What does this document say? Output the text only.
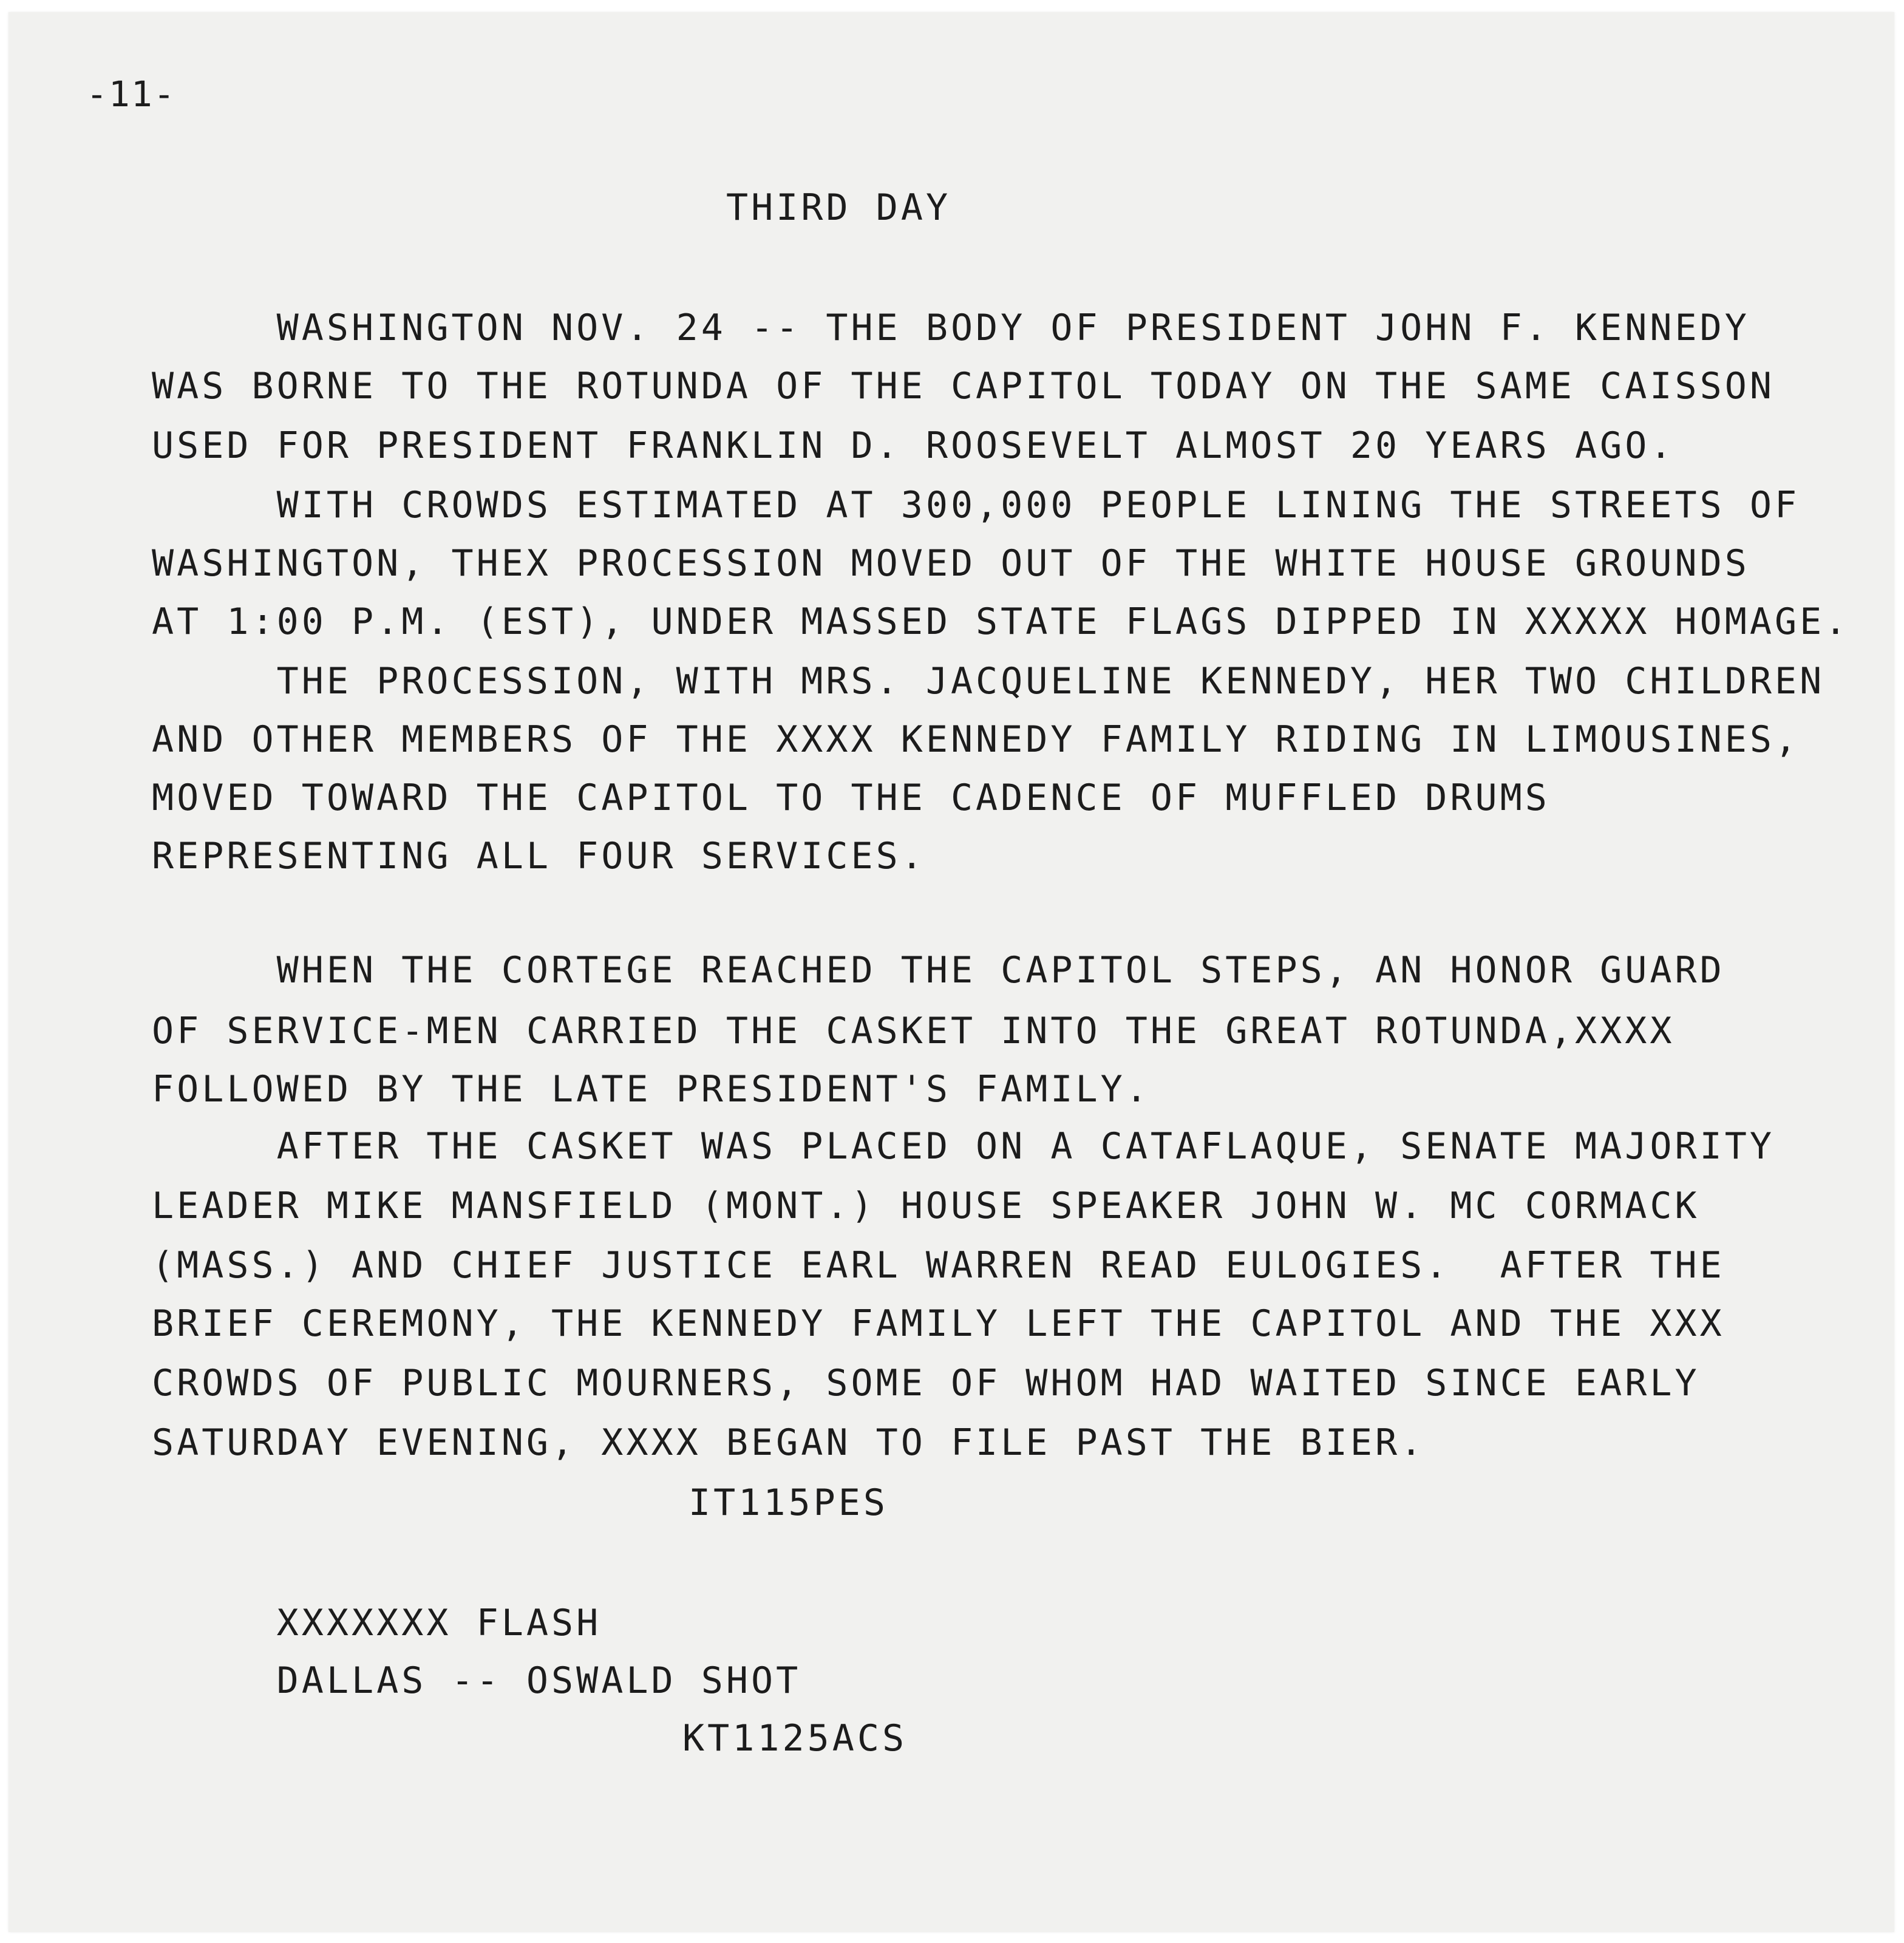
-11-

THIRD DAY

WASHINGTON NOV. 24 -- THE BODY OF PRESIDENT JOHN F. KENNEDY

WAS BORNE TO THE ROTUNDA OF THE CAPITOL TODAY ON THE SAME CAISSON

USED FOR PRESIDENT FRANKLIN D. ROOSEVELT ALMOST 20 YEARS AGO.

WITH CROWDS ESTIMATED AT 300,000 PEOPLE LINING THE STREETS OF

WASHINGTON, THEX PROCESSION MOVED OUT OF THE WHITE HOUSE GROUNDS

AT 1:00 P.M. (EST), UNDER MASSED STATE FLAGS DIPPED IN XXXXX HOMAGE.

THE PROCESSION, WITH MRS. JACQUELINE KENNEDY, HER TWO CHILDREN

AND OTHER MEMBERS OF THE XXXX KENNEDY FAMILY RIDING IN LIMOUSINES,

MOVED TOWARD THE CAPITOL TO THE CADENCE OF MUFFLED DRUMS

REPRESENTING ALL FOUR SERVICES.

WHEN THE CORTEGE REACHED THE CAPITOL STEPS, AN HONOR GUARD

OF SERVICE-MEN CARRIED THE CASKET INTO THE GREAT ROTUNDA,XXXX

FOLLOWED BY THE LATE PRESIDENT'S FAMILY.

AFTER THE CASKET WAS PLACED ON A CATAFLAQUE, SENATE MAJORITY

LEADER MIKE MANSFIELD (MONT.) HOUSE SPEAKER JOHN W. MC CORMACK

(MASS.) AND CHIEF JUSTICE EARL WARREN READ EULOGIES.  AFTER THE

BRIEF CEREMONY, THE KENNEDY FAMILY LEFT THE CAPITOL AND THE XXX

CROWDS OF PUBLIC MOURNERS, SOME OF WHOM HAD WAITED SINCE EARLY

SATURDAY EVENING, XXXX BEGAN TO FILE PAST THE BIER.

IT115PES

XXXXXXX FLASH

DALLAS -- OSWALD SHOT

KT1125ACS
